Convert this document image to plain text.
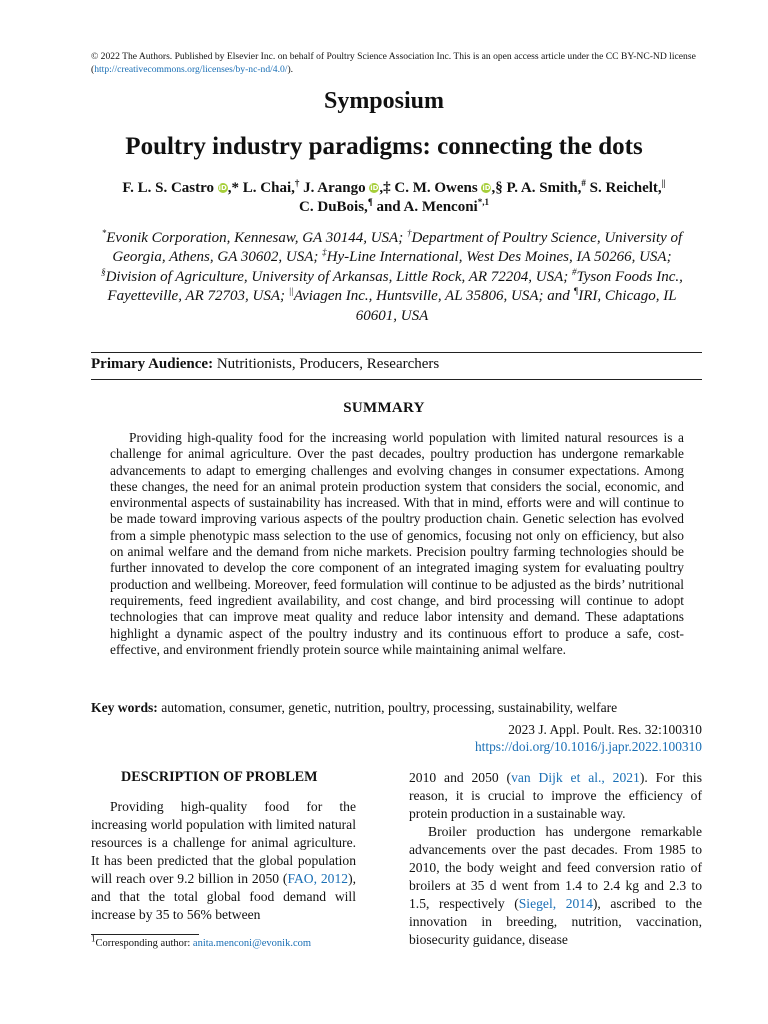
© 2022 The Authors. Published by Elsevier Inc. on behalf of Poultry Science Association Inc. This is an open access article under the CC BY-NC-ND license (http://creativecommons.org/licenses/by-nc-nd/4.0/).
Symposium
Poultry industry paradigms: connecting the dots
F. L. S. Castro iD,* L. Chai,† J. Arango iD,‡ C. M. Owens iD,§ P. A. Smith,# S. Reichelt,||
C. DuBois,¶ and A. Menconi$^{*,1}$
*Evonik Corporation, Kennesaw, GA 30144, USA; †Department of Poultry Science, University of Georgia, Athens, GA 30602, USA; ‡Hy-Line International, West Des Moines, IA 50266, USA; §Division of Agriculture, University of Arkansas, Little Rock, AR 72204, USA; #Tyson Foods Inc., Fayetteville, AR 72703, USA; ||Aviagen Inc., Huntsville, AL 35806, USA; and ¶IRI, Chicago, IL 60601, USA
Primary Audience: Nutritionists, Producers, Researchers
SUMMARY
Providing high-quality food for the increasing world population with limited natural resources is a challenge for animal agriculture. Over the past decades, poultry production has undergone remarkable advancements to adapt to emerging challenges and evolving changes in consumer expectations. Among these changes, the need for an animal protein production system that considers the social, economic, and environmental aspects of sustainability has increased. With that in mind, efforts were and will continue to be made toward improving various aspects of the poultry production chain. Genetic selection has evolved from a simple phenotypic mass selection to the use of genomics, focusing not only on efficiency, but also on animal welfare and the demand from niche markets. Precision poultry farming technologies should be further innovated to develop the core component of an integrated imaging system for evaluating poultry production and wellbeing. Moreover, feed formulation will continue to be adjusted as the birds’ nutritional requirements, feed ingredient availability, and cost change, and bird processing will continue to adopt technologies that can improve meat quality and reduce labor intensity and demand. These adaptations highlight a dynamic aspect of the poultry industry and its continuous effort to produce a safe, cost-effective, and environment friendly protein source while maintaining animal welfare.
Key words: automation, consumer, genetic, nutrition, poultry, processing, sustainability, welfare
2023 J. Appl. Poult. Res. 32:100310
https://doi.org/10.1016/j.japr.2022.100310
DESCRIPTION OF PROBLEM
Providing high-quality food for the increasing world population with limited natural resources is a challenge for animal agriculture. It has been predicted that the global population will reach over 9.2 billion in 2050 (FAO, 2012), and that the total global food demand will increase by 35 to 56% between
2010 and 2050 (van Dijk et al., 2021). For this reason, it is crucial to improve the efficiency of protein production in a sustainable way.
Broiler production has undergone remarkable advancements over the past decades. From 1985 to 2010, the body weight and feed conversion ratio of broilers at 35 d went from 1.4 to 2.4 kg and 2.3 to 1.5, respectively (Siegel, 2014), ascribed to the innovation in breeding, nutrition, vaccination, biosecurity guidance, disease
1Corresponding author: anita.menconi@evonik.com
